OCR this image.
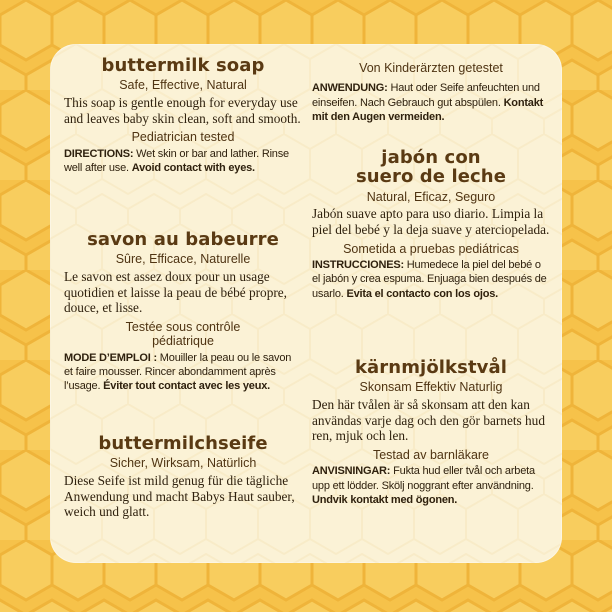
buttermilk soap
Safe, Effective, Natural

This soap is gentle enough for everyday use and leaves baby skin clean, soft and smooth.

Pediatrician tested

DIRECTIONS: Wet skin or bar and lather. Rinse well after use. Avoid contact with eyes.

savon au babeurre
Sûre, Efficace, Naturelle

Le savon est assez doux pour un usage quotidien et laisse la peau de bébé propre, douce, et lisse.

Testée sous contrôle
pédiatrique

MODE D’EMPLOI : Mouiller la peau ou le savon et faire mousser. Rincer abondamment après l’usage. Éviter tout contact avec les yeux.

buttermilchseife
Sicher, Wirksam, Natürlich

Diese Seife ist mild genug für die tägliche Anwendung und macht Babys Haut sauber, weich und glatt.

Von Kinderärzten getestet

ANWENDUNG: Haut oder Seife anfeuchten und einseifen. Nach Gebrauch gut abspülen. Kontakt mit den Augen vermeiden.

jabón con
suero de leche
Natural, Eficaz, Seguro

Jabón suave apto para uso diario. Limpia la piel del bebé y la deja suave y aterciopelada.

Sometida a pruebas pediátricas

INSTRUCCIONES: Humedece la piel del bebé o el jabón y crea espuma. Enjuaga bien después de usarlo. Evita el contacto con los ojos.

kärnmjölkstvål
Skonsam Effektiv Naturlig

Den här tvålen är så skonsam att den kan användas varje dag och den gör barnets hud ren, mjuk och len.

Testad av barnläkare

ANVISNINGAR: Fukta hud eller tvål och arbeta upp ett lödder. Skölj noggrant efter användning. Undvik kontakt med ögonen.
